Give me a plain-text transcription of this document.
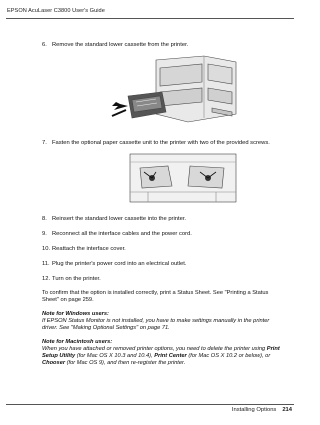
EPSON AcuLaser C3800 User's Guide
6. Remove the standard lower cassette from the printer.
7. Fasten the optional paper cassette unit to the printer with two of the provided screws.
8. Reinsert the standard lower cassette into the printer.
9. Reconnect all the interface cables and the power cord.
10. Reattach the interface cover.
11. Plug the printer's power cord into an electrical outlet.
12. Turn on the printer.
To confirm that the option is installed correctly, print a Status Sheet. See "Printing a Status Sheet" on page 259.
Note for Windows users:
If EPSON Status Monitor is not installed, you have to make settings manually in the printer driver. See "Making Optional Settings" on page 71.
Note for Macintosh users:
When you have attached or removed printer options, you need to delete the printer using Print Setup Utility (for Mac OS X 10.3 and 10.4), Print Center (for Mac OS X 10.2 or below), or Chooser (for Mac OS 9), and then re-register the printer.
Installing Options 214
